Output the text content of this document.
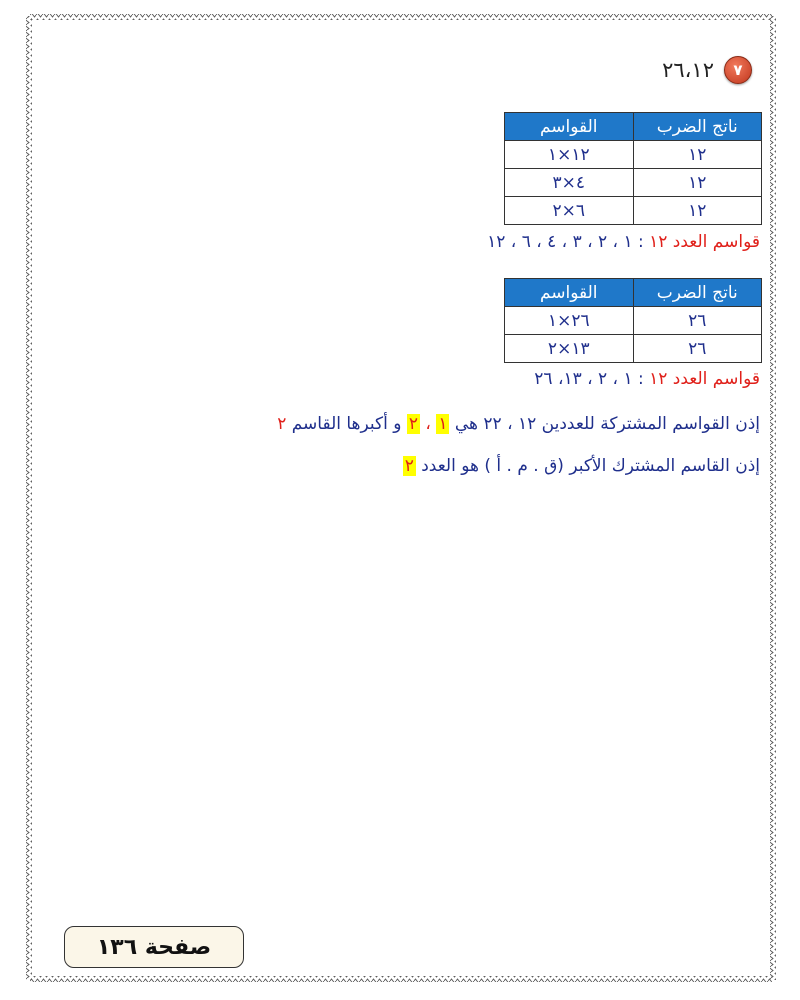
٧
٢٦،١٢
ناتج الضرب	القواسم
١٢	١٢×١
١٢	٤×٣
١٢	٦×٢
قواسم العدد ١٢ : ١ ، ٢ ، ٣ ، ٤ ، ٦ ، ١٢
ناتج الضرب	القواسم
٢٦	٢٦×١
٢٦	١٣×٢
قواسم العدد ١٢ : ١ ، ٢ ، ١٣، ٢٦
إذن القواسم المشتركة للعددين ١٢ ، ٢٢ هي ١ ، ٢ و أكبرها القاسم ٢
إذن القاسم المشترك الأكبر (ق . م . أ ) هو العدد ٢
صفحة ١٣٦
